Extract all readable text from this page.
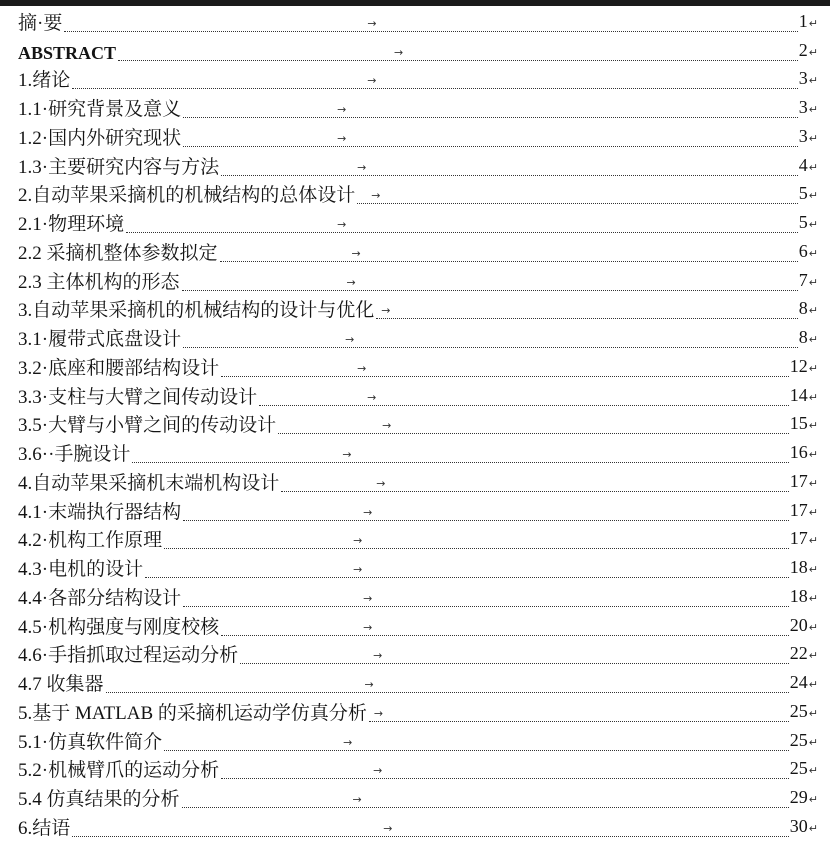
摘·要	→	1↵
ABSTRACT	→	2↵
1.绪论	→	3↵
1.1·研究背景及意义	→	3↵
1.2·国内外研究现状	→	3↵
1.3·主要研究内容与方法	→	4↵
2.自动苹果采摘机的机械结构的总体设计 →	5↵
2.1·物理环境	→	5↵
2.2 采摘机整体参数拟定	→	6↵
2.3 主体机构的形态	→	7↵
3.自动苹果采摘机的机械结构的设计与优化 →	8↵
3.1·履带式底盘设计	→	8↵
3.2·底座和腰部结构设计	→	12↵
3.3·支柱与大臂之间传动设计	→	14↵
3.5·大臂与小臂之间的传动设计	→	15↵
3.6··手腕设计	→	16↵
4.自动苹果采摘机末端机构设计	→	17↵
4.1·末端执行器结构	→	17↵
4.2·机构工作原理	→	17↵
4.3·电机的设计	→	18↵
4.4·各部分结构设计	→	18↵
4.5·机构强度与刚度校核	→	20↵
4.6·手指抓取过程运动分析	→	22↵
4.7 收集器	→	24↵
5.基于 MATLAB 的采摘机运动学仿真分析 →	25↵
5.1·仿真软件简介	→	25↵
5.2·机械臂爪的运动分析	→	25↵
5.4 仿真结果的分析	→	29↵
6.结语	→	30↵
